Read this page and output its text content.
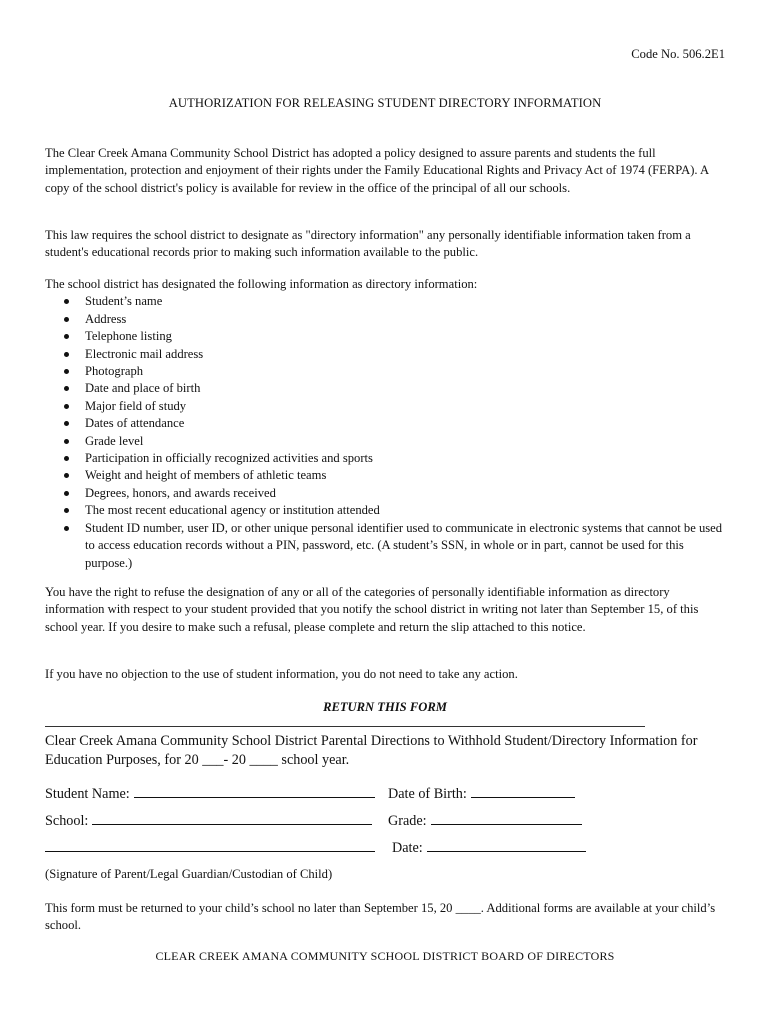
Code No. 506.2E1
AUTHORIZATION FOR RELEASING STUDENT DIRECTORY INFORMATION

The Clear Creek Amana Community School District has adopted a policy designed to assure parents and students the full implementation, protection and enjoyment of their rights under the Family Educational Rights and Privacy Act of 1974 (FERPA). A copy of the school district's policy is available for review in the office of the principal of all our schools.

This law requires the school district to designate as "directory information" any personally identifiable information taken from a student's educational records prior to making such information available to the public.

The school district has designated the following information as directory information:

Student’s name
Address
Telephone listing
Electronic mail address
Photograph
Date and place of birth
Major field of study
Dates of attendance
Grade level
Participation in officially recognized activities and sports
Weight and height of members of athletic teams
Degrees, honors, and awards received
The most recent educational agency or institution attended
Student ID number, user ID, or other unique personal identifier used to communicate in electronic systems that cannot be used to access education records without a PIN, password, etc. (A student’s SSN, in whole or in part, cannot be used for this purpose.)

You have the right to refuse the designation of any or all of the categories of personally identifiable information as directory information with respect to your student provided that you notify the school district in writing not later than September 15, of this school year. If you desire to make such a refusal, please complete and return the slip attached to this notice.

If you have no objection to the use of student information, you do not need to take any action.

RETURN THIS FORM

Clear Creek Amana Community School District Parental Directions to Withhold Student/Directory Information for Education Purposes, for 20 ___- 20 ____ school year.

Student Name:	Date of Birth:
School:	Grade:
Date:

(Signature of Parent/Legal Guardian/Custodian of Child)

This form must be returned to your child’s school no later than September 15, 20 ____. Additional forms are available at your child’s school.

CLEAR CREEK AMANA COMMUNITY SCHOOL DISTRICT BOARD OF DIRECTORS
